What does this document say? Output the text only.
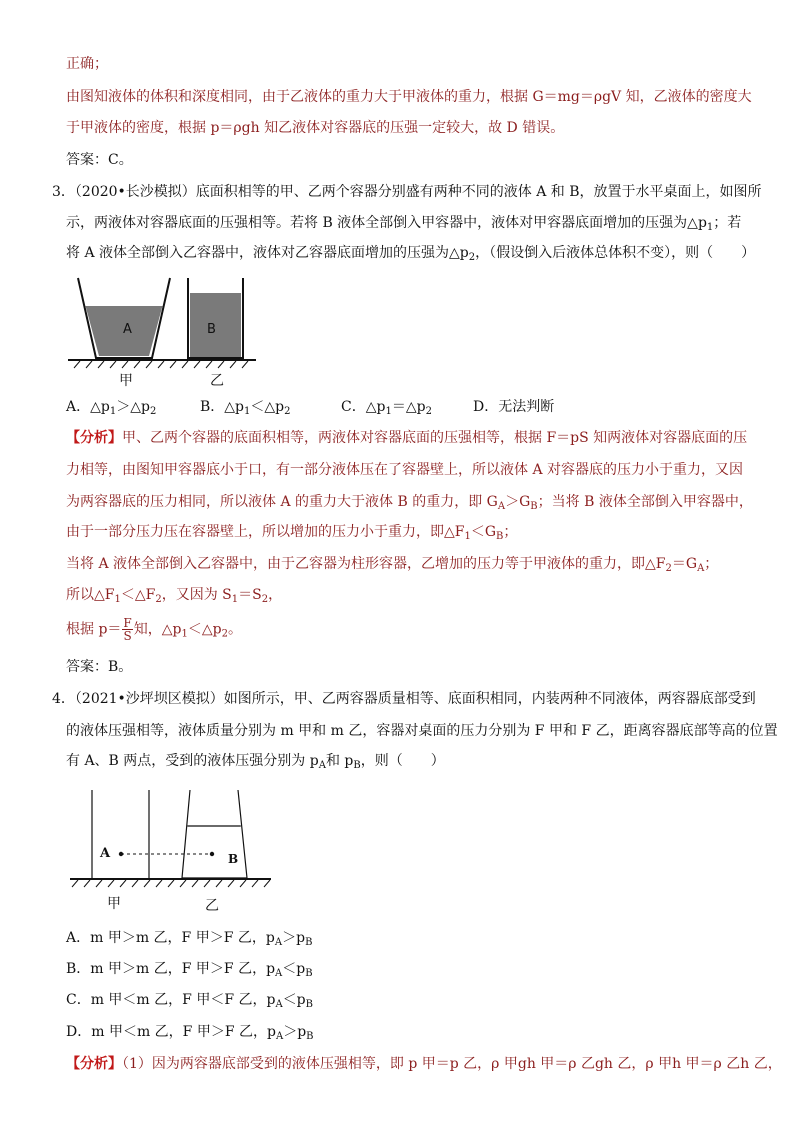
正确；
由图知液体的体积和深度相同，由于乙液体的重力大于甲液体的重力，根据 G＝mg＝ρgV 知，乙液体的密度大
于甲液体的密度，根据 p＝ρgh 知乙液体对容器底的压强一定较大，故 D 错误。
答案：C。
3．（2020•长沙模拟）底面积相等的甲、乙两个容器分别盛有两种不同的液体 A 和 B，放置于水平桌面上，如图所
示，两液体对容器底面的压强相等。若将 B 液体全部倒入甲容器中，液体对甲容器底面增加的压强为$\triangle p_1$；若
将 A 液体全部倒入乙容器中，液体对乙容器底面增加的压强为$\triangle p_2$，（假设倒入后液体总体积不变），则（　　）
A	B
甲	乙
A．$\triangle p_1>\triangle p_2$	B．$\triangle p_1<\triangle p_2$	C．$\triangle p_1=\triangle p_2$	D．无法判断
【分析】甲、乙两个容器的底面积相等，两液体对容器底面的压强相等，根据 F＝pS 知两液体对容器底面的压
力相等，由图知甲容器底小于口，有一部分液体压在了容器壁上，所以液体 A 对容器底的压力小于重力，又因
为两容器底的压力相同，所以液体 A 的重力大于液体 B 的重力，即 $G_A>G_B$；当将 B 液体全部倒入甲容器中，
由于一部分压力压在容器壁上，所以增加的压力小于重力，即$\triangle F_1<G_B$；
当将 A 液体全部倒入乙容器中，由于乙容器为柱形容器，乙增加的压力等于甲液体的重力，即$\triangle F_2=G_A$；
所以$\triangle F_1<\triangle F_2$，又因为 $S_1=S_2$，
根据 $p= \frac{F}{S}$ 知，$\triangle p_1<\triangle p_2$。
答案：B。
4．（2021•沙坪坝区模拟）如图所示，甲、乙两容器质量相等、底面积相同，内装两种不同液体，两容器底部受到
的液体压强相等，液体质量分别为 m 甲和 m 乙，容器对桌面的压力分别为 F 甲和 F 乙，距离容器底部等高的位置
有 A、B 两点，受到的液体压强分别为 $p_A$和 $p_B$，则（　　）
A	B
甲	乙
A．m 甲＞m 乙，F 甲＞F 乙，$p_A>p_B$
B．m 甲＞m 乙，F 甲＞F 乙，$p_A<p_B$
C．m 甲＜m 乙，F 甲＜F 乙，$p_A<p_B$
D．m 甲＜m 乙，F 甲＞F 乙，$p_A>p_B$
【分析】（1）因为两容器底部受到的液体压强相等，即 p 甲＝p 乙，ρ 甲gh 甲＝ρ 乙gh 乙，ρ 甲h 甲＝ρ 乙h 乙，
